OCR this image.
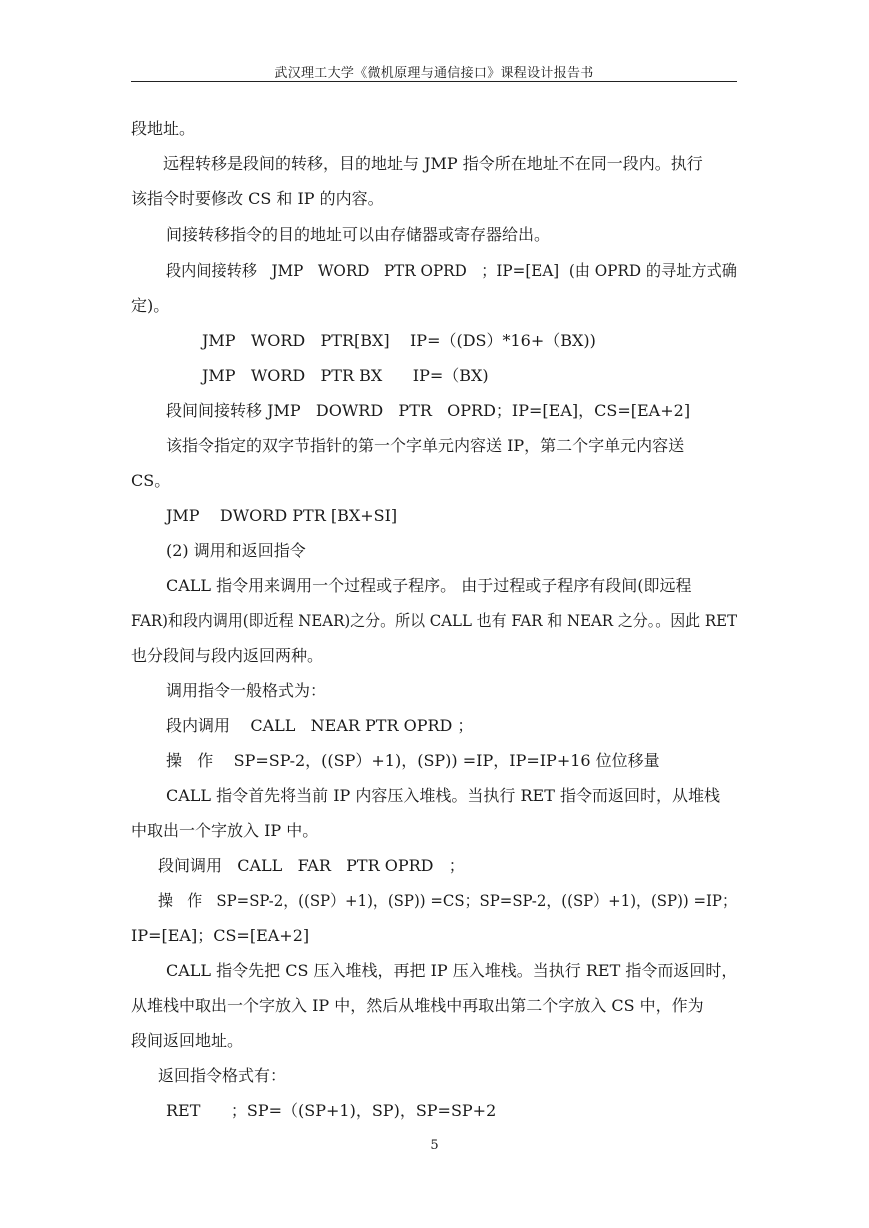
武汉理工大学《微机原理与通信接口》课程设计报告书
段地址。
远程转移是段间的转移，目的地址与 JMP 指令所在地址不在同一段内。执行
该指令时要修改 CS 和 IP 的内容。
间接转移指令的目的地址可以由存储器或寄存器给出。
段内间接转移   JMP   WORD   PTR OPRD   ；IP=[EA]  (由 OPRD 的寻址方式确
定)。
JMP   WORD   PTR[BX]    IP=（(DS）*16+（BX))
JMP   WORD   PTR BX      IP=（BX)
段间间接转移 JMP   DOWRD   PTR   OPRD；IP=[EA]，CS=[EA+2]
该指令指定的双字节指针的第一个字单元内容送 IP，第二个字单元内容送
CS。
JMP    DWORD PTR [BX+SI]
(2) 调用和返回指令
CALL 指令用来调用一个过程或子程序。 由于过程或子程序有段间(即远程
FAR)和段内调用(即近程 NEAR)之分。所以 CALL 也有 FAR 和 NEAR 之分。。因此 RET
也分段间与段内返回两种。
调用指令一般格式为：
段内调用    CALL   NEAR PTR OPRD ；
操   作    SP=SP-2，((SP）+1)，(SP)) =IP，IP=IP+16 位位移量
CALL 指令首先将当前 IP 内容压入堆栈。当执行 RET 指令而返回时，从堆栈
中取出一个字放入 IP 中。
段间调用   CALL   FAR   PTR OPRD   ；
操   作   SP=SP-2，((SP）+1)，(SP)) =CS；SP=SP-2，((SP）+1)，(SP)) =IP；
IP=[EA]；CS=[EA+2]
CALL 指令先把 CS 压入堆栈，再把 IP 压入堆栈。当执行 RET 指令而返回时，
从堆栈中取出一个字放入 IP 中，然后从堆栈中再取出第二个字放入 CS 中，作为
段间返回地址。
返回指令格式有：
RET      ；SP=（(SP+1)，SP)，SP=SP+2
5
